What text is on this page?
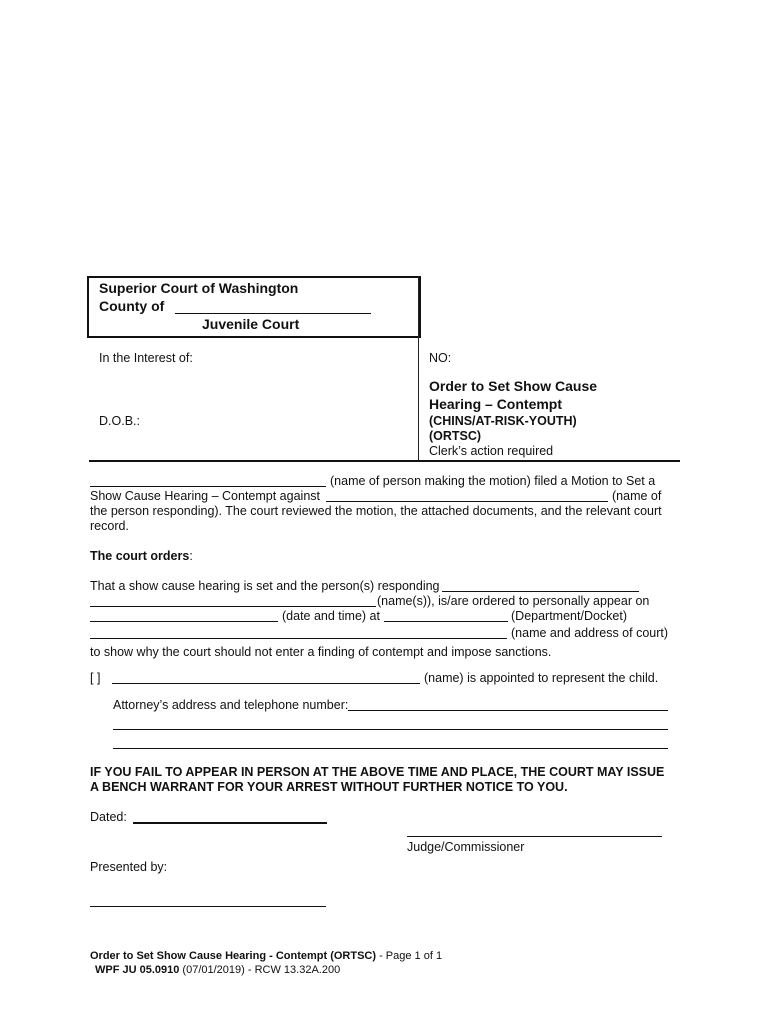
Superior Court of Washington
County of
Juvenile Court
In the Interest of:
D.O.B.:
NO:
Order to Set Show Cause
Hearing – Contempt
(CHINS/AT-RISK-YOUTH)
(ORTSC)
Clerk’s action required
(name of person making the motion) filed a Motion to Set a
Show Cause Hearing – Contempt against	(name of
the person responding). The court reviewed the motion, the attached documents, and the relevant court
record.
The court orders:
That a show cause hearing is set and the person(s) responding
(name(s)), is/are ordered to personally appear on
(date and time) at	(Department/Docket)
(name and address of court)
to show why the court should not enter a finding of contempt and impose sanctions.
[ ]	(name) is appointed to represent the child.
Attorney’s address and telephone number:
IF YOU FAIL TO APPEAR IN PERSON AT THE ABOVE TIME AND PLACE, THE COURT MAY ISSUE
A BENCH WARRANT FOR YOUR ARREST WITHOUT FURTHER NOTICE TO YOU.
Dated:
Judge/Commissioner
Presented by:
Order to Set Show Cause Hearing - Contempt (ORTSC) - Page 1 of 1
WPF JU 05.0910 (07/01/2019) - RCW 13.32A.200
